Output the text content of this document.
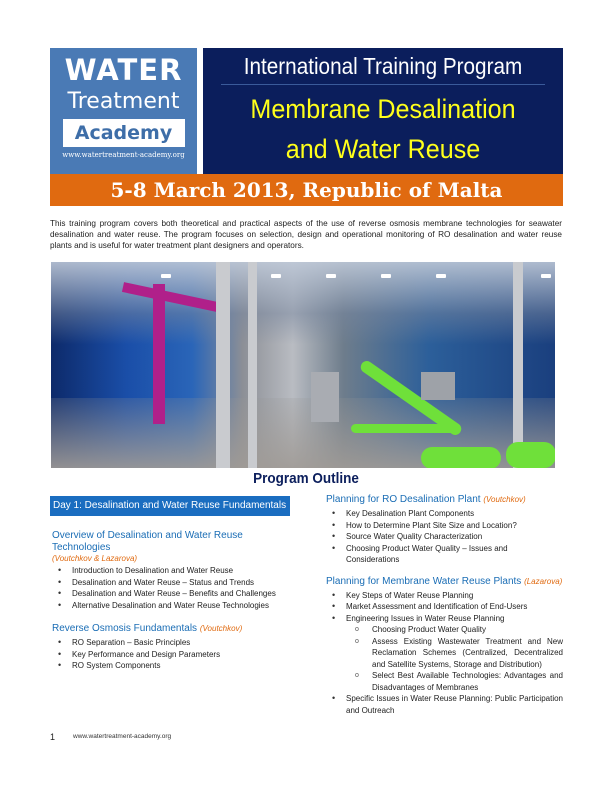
WATER
Treatment
Academy
www.watertreatment-academy.org
International Training Program
Membrane Desalination
and Water Reuse
5-8 March 2013, Republic of Malta
This training program covers both theoretical and practical aspects of the use of reverse osmosis membrane technologies for seawater desalination and water reuse. The program focuses on selection, design and operational monitoring of RO desalination and water reuse plants and is useful for water treatment plant designers and operators.
Program Outline
Day 1: Desalination and Water Reuse Fundamentals
Overview of Desalination and Water Reuse Technologies
(Voutchkov & Lazarova)
• Introduction to Desalination and Water Reuse
• Desalination and Water Reuse – Status and Trends
• Desalination and Water Reuse – Benefits and Challenges
• Alternative Desalination and Water Reuse Technologies
Reverse Osmosis Fundamentals (Voutchkov)
• RO Separation – Basic Principles
• Key Performance and Design Parameters
• RO System Components
Planning for RO Desalination Plant (Voutchkov)
• Key Desalination Plant Components
• How to Determine Plant Site Size and Location?
• Source Water Quality Characterization
• Choosing Product Water Quality – Issues and Considerations
Planning for Membrane Water Reuse Plants (Lazarova)
• Key Steps of Water Reuse Planning
• Market Assessment and Identification of End-Users
• Engineering Issues in Water Reuse Planning
o Choosing Product Water Quality
o Assess Existing Wastewater Treatment and New Reclamation Schemes (Centralized, Decentralized and Satellite Systems, Storage and Distribution)
o Select Best Available Technologies: Advantages and Disadvantages of Membranes
• Specific Issues in Water Reuse Planning: Public Participation and Outreach
1	www.watertreatment-academy.org
